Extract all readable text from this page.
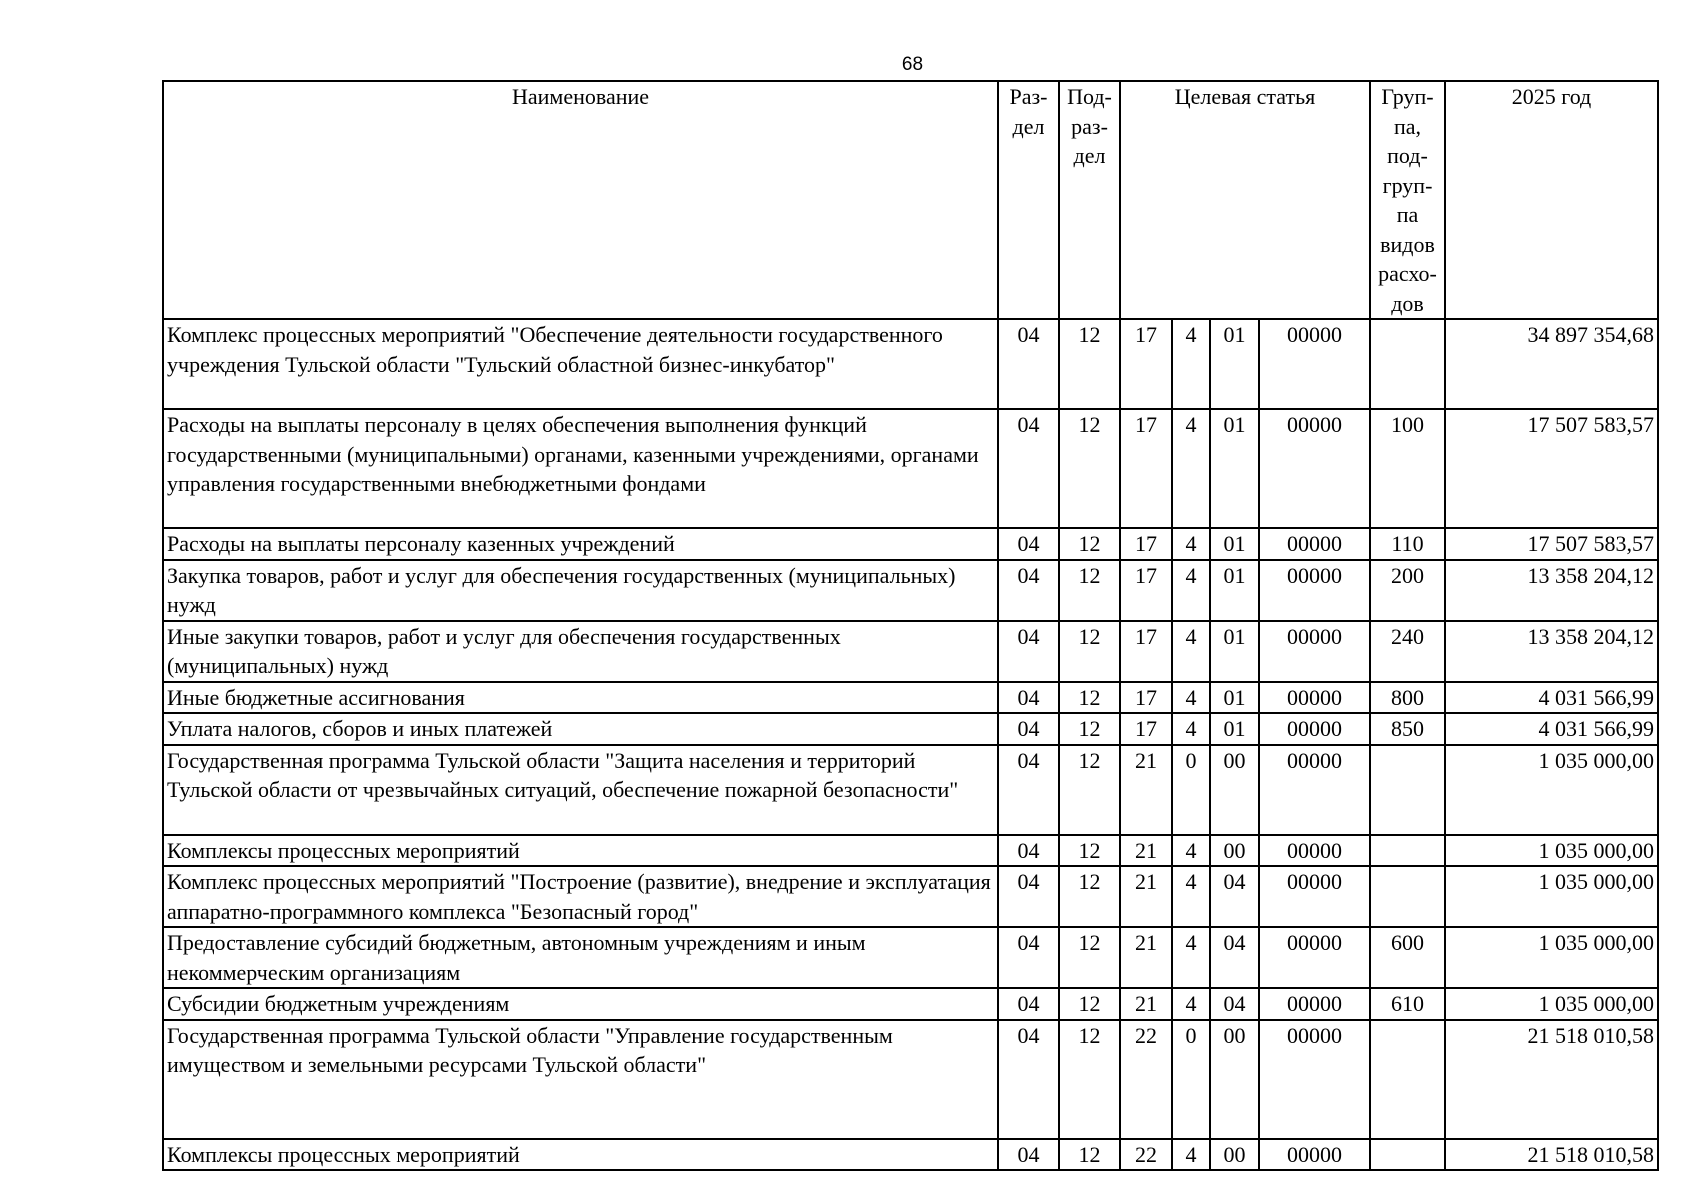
68
Наименование	Раз-дел	Под-раз-дел	Целевая статья				Груп-па, под-груп-па видов расхо-дов	2025 год
Комплекс процессных мероприятий "Обеспечение деятельности государственного учреждения Тульской области "Тульский областной бизнес-инкубатор"	04	12	17	4	01	00000		34 897 354,68
Расходы на выплаты персоналу в целях обеспечения выполнения функций государственными (муниципальными) органами, казенными учреждениями, органами управления государственными внебюджетными фондами	04	12	17	4	01	00000	100	17 507 583,57
Расходы на выплаты персоналу казенных учреждений	04	12	17	4	01	00000	110	17 507 583,57
Закупка товаров, работ и услуг для обеспечения государственных (муниципальных) нужд	04	12	17	4	01	00000	200	13 358 204,12
Иные закупки товаров, работ и услуг для обеспечения государственных (муниципальных) нужд	04	12	17	4	01	00000	240	13 358 204,12
Иные бюджетные ассигнования	04	12	17	4	01	00000	800	4 031 566,99
Уплата налогов, сборов и иных платежей	04	12	17	4	01	00000	850	4 031 566,99
Государственная программа Тульской области "Защита населения и территорий Тульской области от чрезвычайных ситуаций, обеспечение пожарной безопасности"	04	12	21	0	00	00000		1 035 000,00
Комплексы процессных мероприятий	04	12	21	4	00	00000		1 035 000,00
Комплекс процессных мероприятий "Построение (развитие), внедрение и эксплуатация аппаратно-программного комплекса "Безопасный город"	04	12	21	4	04	00000		1 035 000,00
Предоставление субсидий бюджетным, автономным учреждениям и иным некоммерческим организациям	04	12	21	4	04	00000	600	1 035 000,00
Субсидии бюджетным учреждениям	04	12	21	4	04	00000	610	1 035 000,00
Государственная программа Тульской области "Управление государственным имуществом и земельными ресурсами Тульской области"	04	12	22	0	00	00000		21 518 010,58
Комплексы процессных мероприятий	04	12	22	4	00	00000		21 518 010,58
